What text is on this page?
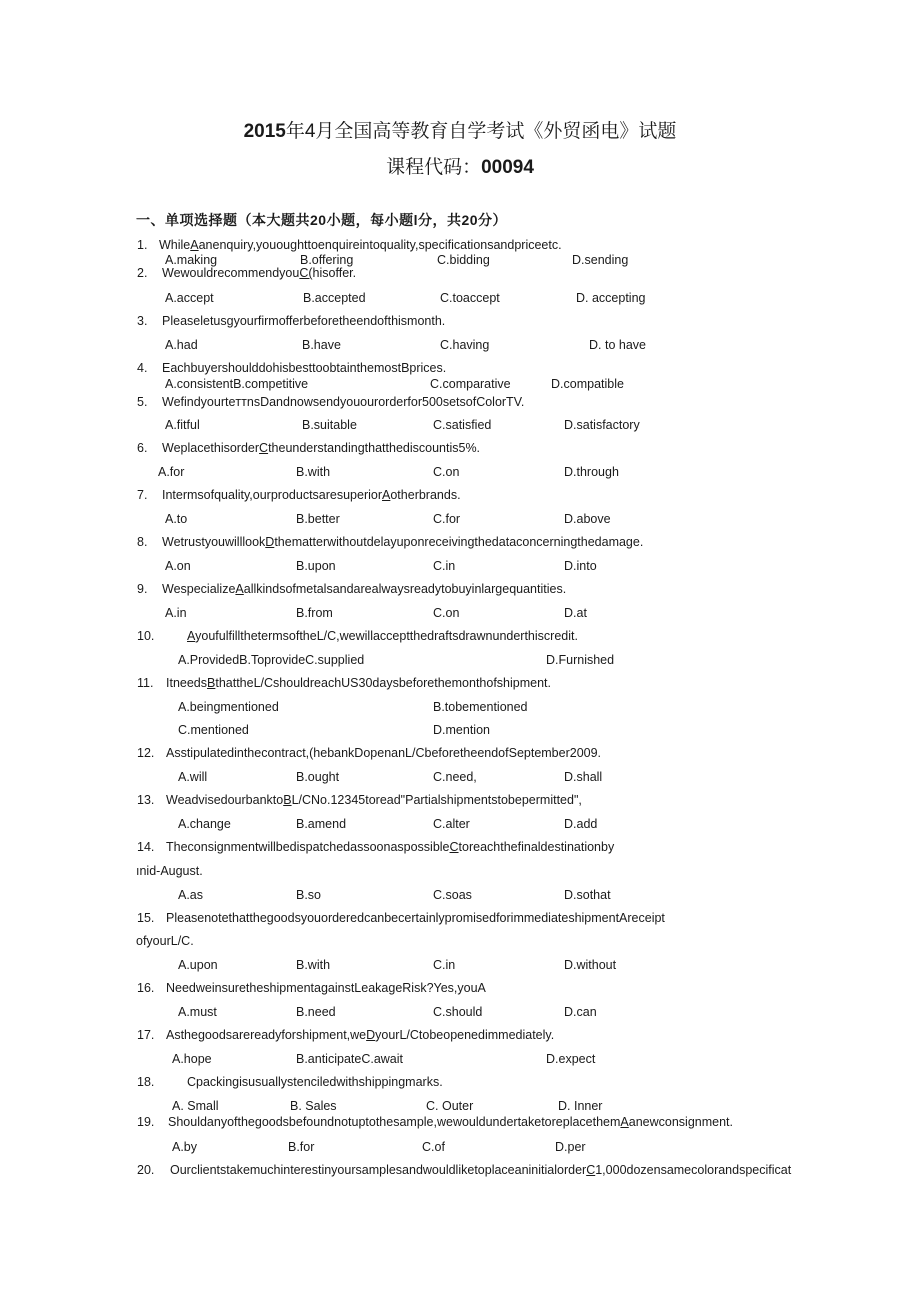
2015年4月全国高等教育自学考试《外贸函电》试题
课程代码：00094
一、单项选择题（本大题共20小题，每小题l分，共20分）
1. WhileAanenquiry,yououghttoenquireintoquality,specificationsandpriceetc.
A.making	B.offering	C.bidding	D.sending
2. WewouldrecommendyouC(hisoffer.
A.accept	B.accepted	C.toaccept	D. accepting
3. Pleaseletusgyourfirmofferbeforetheendofthismonth.
A.had	B.have	C.having	D. to have
4. EachbuyershoulddohisbesttoobtainthemostBprices.
A.consistentB.competitive	C.comparative	D.compatible
5. WefindyourteттnsDandnowsendyouourorderfor500setsofColorTV.
A.fitful	B.suitable	C.satisfied	D.satisfactory
6. WeplacethisorderCtheunderstandingthatthediscountis5%.
A.for	B.with	C.on	D.through
7. Intermsofquality,ourproductsaresuperiorAotherbrands.
A.to	B.better	C.for	D.above
8. WetrustyouwilllookDthematterwithoutdelayuponreceivingthedataconcerningthedamage.
A.on	B.upon	C.in	D.into
9. WespecializeAallkindsofmetalsandarealwaysreadytobuyinlargequantities.
A.in	B.from	C.on	D.at
10.	AyoufulfillthetermsoftheL/C,wewillacceptthedraftsdrawnunderthiscredit.
A.ProvidedB.ToprovideC.supplied	D.Furnished
11. ItneedsBthattheL/CshouldreachUS30daysbeforethemonthofshipment.
A.beingmentioned	B.tobementioned
C.mentioned	D.mention
12. Asstipulatedinthecontract,(hebankDopenanL/CbeforetheendofSeptember2009.
A.will	B.ought	C.need,	D.shall
13. WeadvisedourbanktoBL/CNo.12345toread"Partialshipmentstobepermitted",
A.change	B.amend	C.alter	D.add
14. TheconsignmentwillbedispatchedassoonaspossibleCtoreachthefinaldestinationby
ınid-August.
A.as	B.so	C.soas	D.sothat
15. PleasenotethatthegoodsyouorderedcanbecertainlypromisedforimmediateshipmentAreceipt
ofyourL/C.
A.upon	B.with	C.in	D.without
16. NeedweinsuretheshipmentagainstLeakageRisk?Yes,youA
A.must	B.need	C.should	D.can
17. Asthegoodsarereadyforshipment,weDyourL/Ctobeopenedimmediately.
A.hope	B.anticipateC.await	D.expect
18.	Cpackingisusuallystenciledwithshippingmarks.
A. Small	B. Sales	C. Outer	D. Inner
19. Shouldanyofthegoodsbefoundnotuptothesample,wewouldundertaketoreplacethemAanewconsignment.
A.by	B.for	C.of	D.per
20. OurclientstakemuchinterestinyoursamplesandwouldliketoplaceaninitialorderC1,000dozensamecolorandspecificat
